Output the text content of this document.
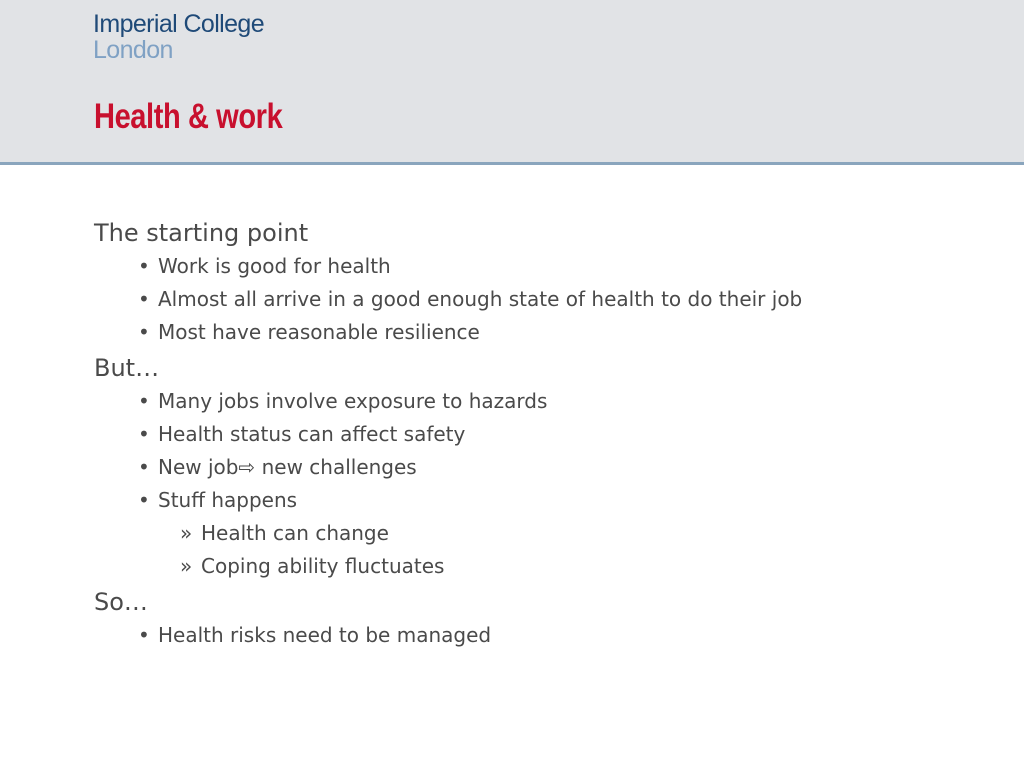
Imperial College
London
Health & work
The starting point
• Work is good for health
• Almost all arrive in a good enough state of health to do their job
• Most have reasonable resilience
But…
• Many jobs involve exposure to hazards
• Health status can affect safety
• New job⇨ new challenges
• Stuff happens
» Health can change
» Coping ability fluctuates
So…
• Health risks need to be managed
